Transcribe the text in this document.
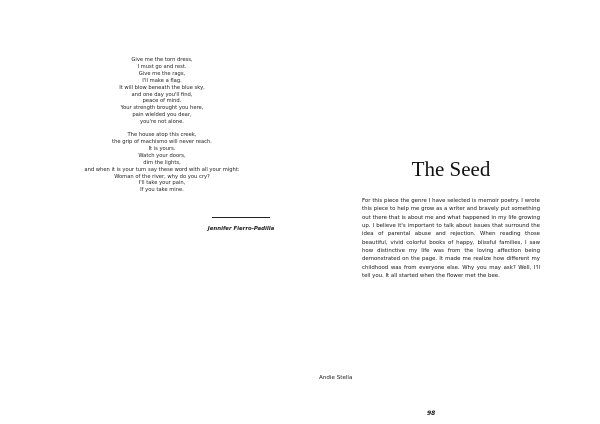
Give me the torn dress,
I must go and rest.
Give me the rags,
I'll make a flag.
It will blow beneath the blue sky,
and one day you'll find,
peace of mind.
Your strength brought you here,
pain wielded you dear,
you're not alone.

The house atop this creek,
the grip of machismo will never reach.
It is yours.
Watch your doors,
dim the lights,
and when it is your turn say these word with all your might:
Woman of the river, why do you cry?
I'll take your pain,
If you take mine.

Jennifer Fierro-Padilla
The Seed
For this piece the genre I have selected is memoir poetry. I wrote this piece to help me grow as a writer and bravely put something out there that is about me and what happened in my life growing up. I believe it's important to talk about issues that surround the idea of parental abuse and rejection. When reading those beautiful, vivid colorful books of happy, blissful families, I saw how distinctive my life was from the loving affection being demonstrated on the page. It made me realize how different my childhood was from everyone else. Why you may ask? Well, I'll tell you. It all started when the flower met the bee.
Andie Stella
98
